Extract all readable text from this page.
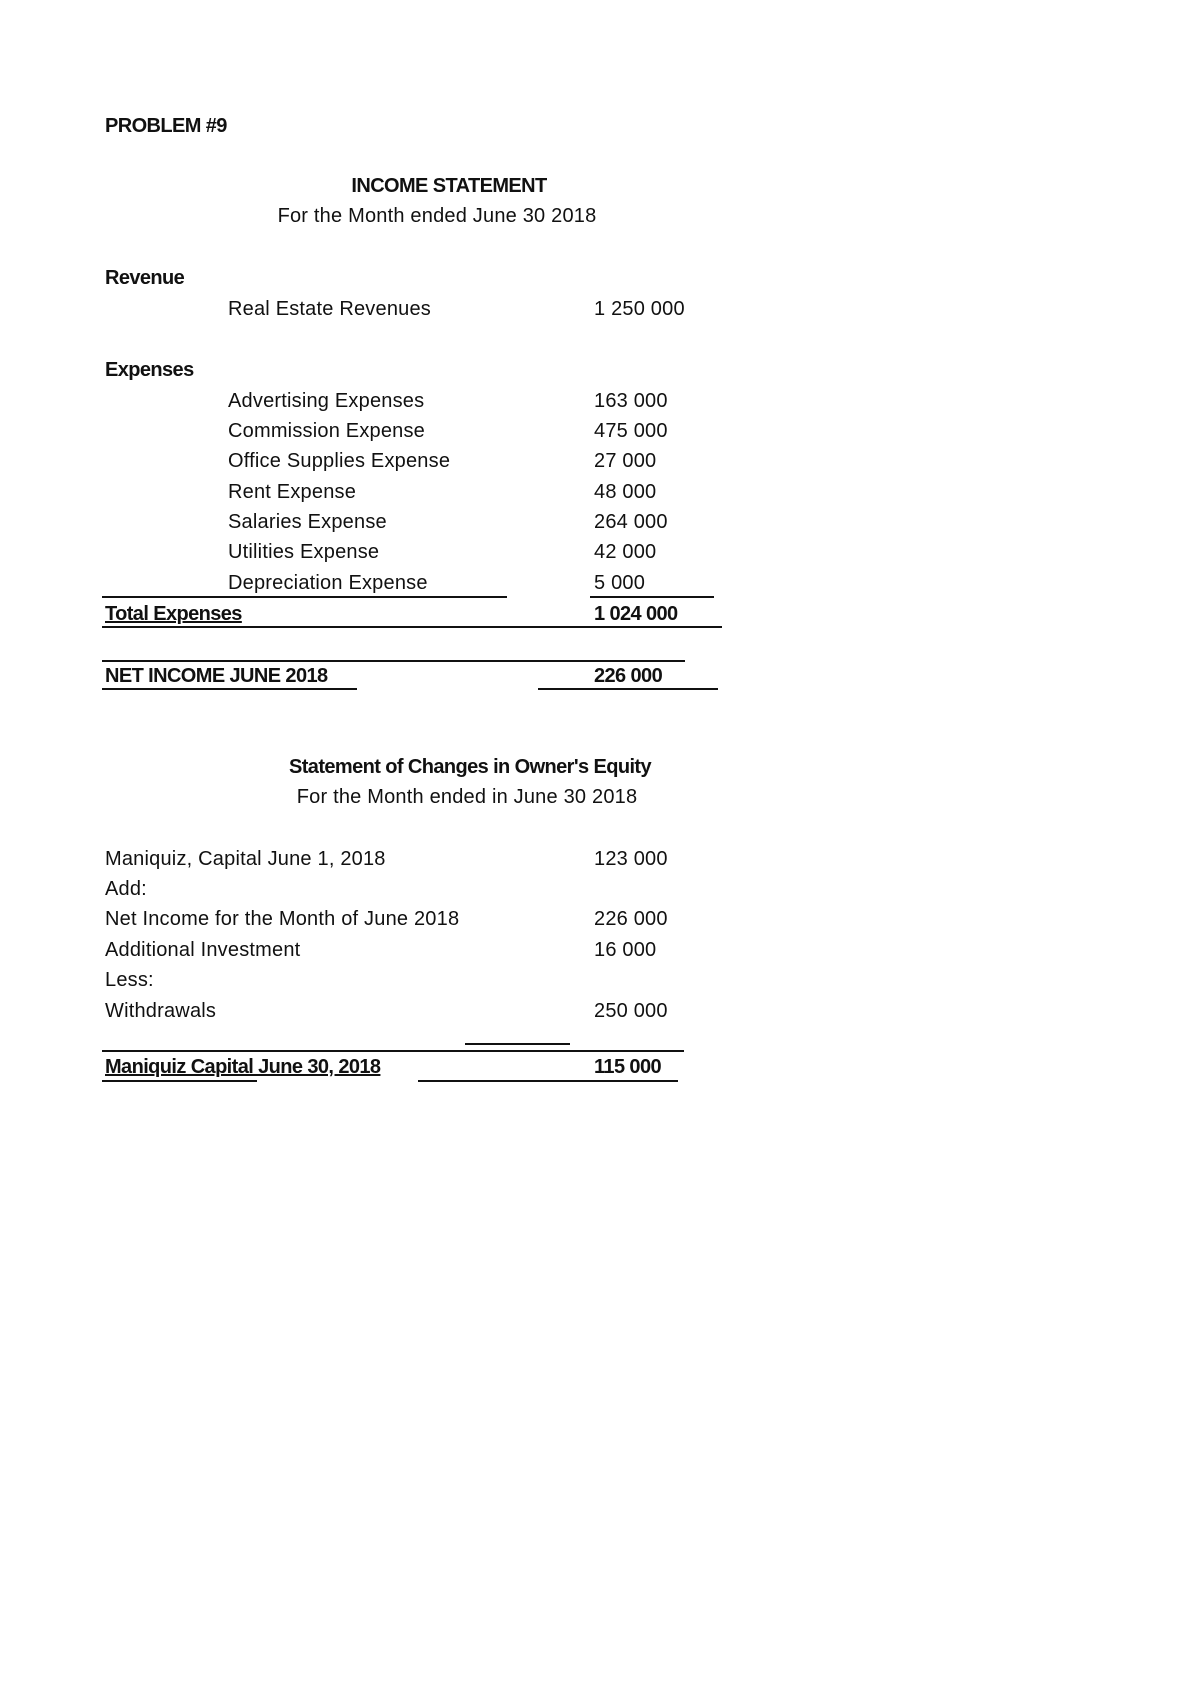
PROBLEM #9
INCOME STATEMENT
For the Month ended June 30 2018
Revenue
Real Estate Revenues	1 250 000
Expenses
Advertising Expenses	163 000
Commission Expense	475 000
Office Supplies Expense	27 000
Rent Expense	48 000
Salaries Expense	264 000
Utilities Expense	42 000
Depreciation Expense	5 000
Total Expenses	1 024 000
NET INCOME JUNE 2018	226 000
Statement of Changes in Owner's Equity
For the Month ended in June 30 2018
Maniquiz, Capital June 1, 2018	123 000
Add:
Net Income for the Month of June 2018	226 000
Additional Investment	16 000
Less:
Withdrawals	250 000
Maniquiz Capital June 30, 2018	115 000
